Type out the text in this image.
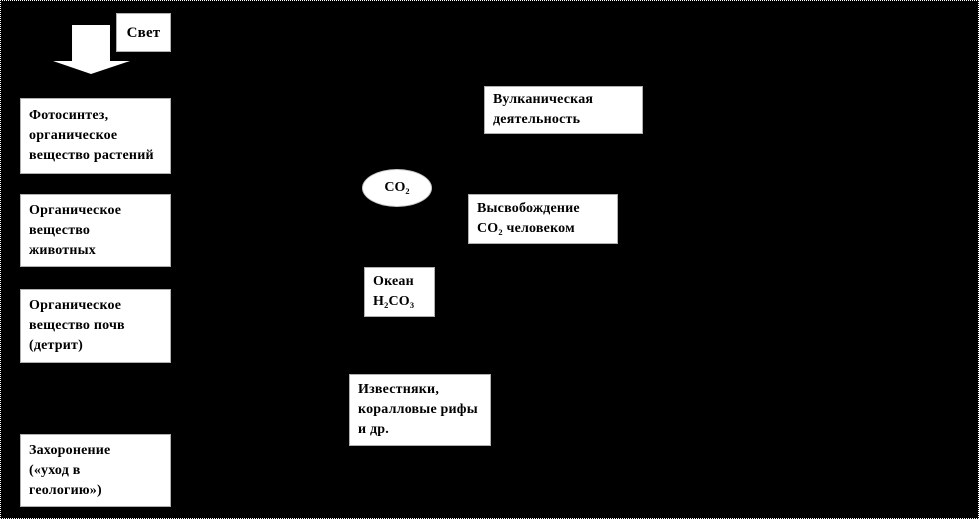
Свет
Фотосинтез,
органическое
вещество растений
Органическое
вещество
животных
Органическое
вещество почв
(детрит)
Захоронение
(«уход в
геологию»)
CO₂
Вулканическая
деятельность
Высвобождение
CO₂ человеком
Океан
H₂CO₃
Известняки,
коралловые рифы
и др.
